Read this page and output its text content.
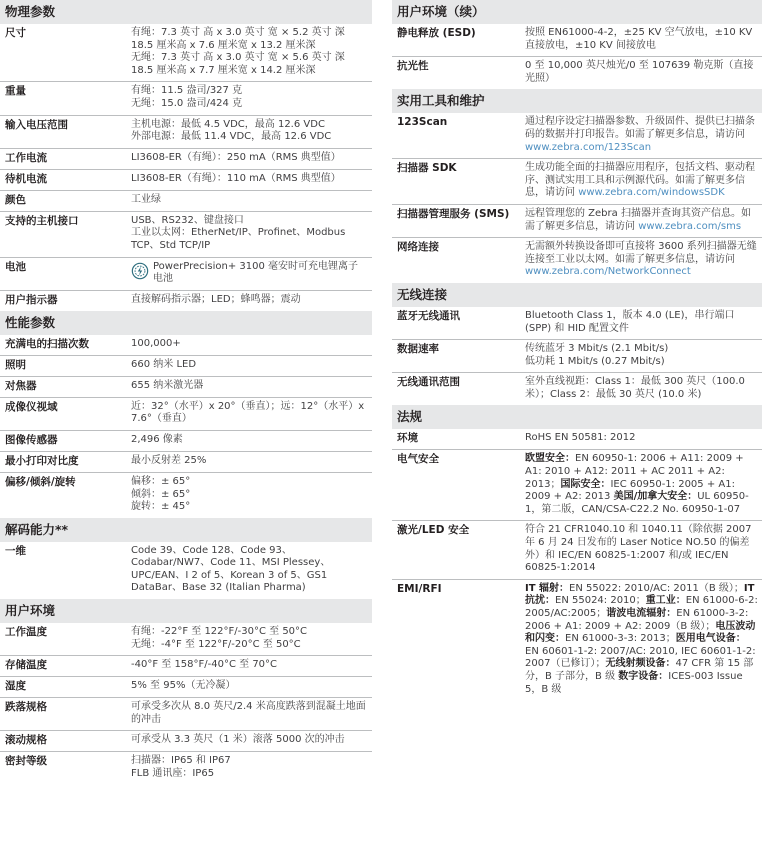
物理参数
尺寸	有绳：7.3 英寸 高 x 3.0 英寸 宽 × 5.2 英寸 深 18.5 厘米高 x 7.6 厘米宽 x 13.2 厘米深
无绳：7.3 英寸 高 x 3.0 英寸 宽 × 5.6 英寸 深 18.5 厘米高 x 7.7 厘米宽 x 14.2 厘米深
重量	有绳：11.5 盎司/327 克
无绳：15.0 盎司/424 克
输入电压范围	主机电源：最低 4.5 VDC，最高 12.6 VDC
外部电源：最低 11.4 VDC，最高 12.6 VDC
工作电流	LI3608-ER（有绳）：250 mA（RMS 典型值）
待机电流	LI3608-ER（有绳）：110 mA（RMS 典型值）
颜色	工业绿
支持的主机接口	USB、RS232、键盘接口
工业以太网：EtherNet/IP、Profinet、Modbus TCP、Std TCP/IP
电池	PowerPrecision+ 3100 毫安时可充电锂离子电池
用户指示器	直接解码指示器；LED；蜂鸣器；震动
性能参数
充满电的扫描次数	100,000+
照明	660 纳米 LED
对焦器	655 纳米激光器
成像仪视域	近：32°（水平）x 20°（垂直）；远：12°（水平）x 7.6°（垂直）
图像传感器	2,496 像素
最小打印对比度	最小反射差 25%
偏移/倾斜/旋转	偏移：± 65°
倾斜：± 65°
旋转：± 45°
解码能力**
一维	Code 39、Code 128、Code 93、Codabar/NW7、Code 11、MSI Plessey、UPC/EAN、I 2 of 5、Korean 3 of 5、GS1 DataBar、Base 32 (Italian Pharma)
用户环境
工作温度	有绳：-22°F 至 122°F/-30°C 至 50°C
无绳：-4°F 至 122°F/-20°C 至 50°C
存储温度	-40°F 至 158°F/-40°C 至 70°C
湿度	5% 至 95%（无冷凝）
跌落规格	可承受多次从 8.0 英尺/2.4 米高度跌落到混凝土地面的冲击
滚动规格	可承受从 3.3 英尺（1 米）滚落 5000 次的冲击
密封等级	扫描器：IP65 和 IP67
FLB 通讯座：IP65
用户环境（续）
静电释放 (ESD)	按照 EN61000-4-2，±25 KV 空气放电，±10 KV 直接放电，±10 KV 间接放电
抗光性	0 至 10,000 英尺烛光/0 至 107639 勒克斯（直接光照）
实用工具和维护
123Scan	通过程序设定扫描器参数、升级固件、提供已扫描条码的数据并打印报告。如需了解更多信息，请访问 www.zebra.com/123Scan
扫描器 SDK	生成功能全面的扫描器应用程序，包括文档、驱动程序、测试实用工具和示例源代码。如需了解更多信息，请访问 www.zebra.com/windowsSDK
扫描器管理服务 (SMS)	远程管理您的 Zebra 扫描器并查询其资产信息。如需了解更多信息，请访问 www.zebra.com/sms
网络连接	无需额外转换设备即可直接将 3600 系列扫描器无缝连接至工业以太网。如需了解更多信息，请访问 www.zebra.com/NetworkConnect
无线连接
蓝牙无线通讯	Bluetooth Class 1，版本 4.0 (LE)，串行端口 (SPP) 和 HID 配置文件
数据速率	传统蓝牙 3 Mbit/s (2.1 Mbit/s)
低功耗 1 Mbit/s (0.27 Mbit/s)
无线通讯范围	室外直线视距：Class 1：最低 300 英尺（100.0 米）；Class 2：最低 30 英尺 (10.0 米)
法规
环境	RoHS EN 50581: 2012
电气安全	欧盟安全：EN 60950-1: 2006 + A11: 2009 + A1: 2010 + A12: 2011 + AC 2011 + A2: 2013；国际安全：IEC 60950-1: 2005 + A1: 2009 + A2: 2013 美国/加拿大安全：UL 60950-1，第二版，CAN/CSA-C22.2 No. 60950-1-07
激光/LED 安全	符合 21 CFR1040.10 和 1040.11（除依据 2007 年 6 月 24 日发布的 Laser Notice NO.50 的偏差外）和 IEC/EN 60825-1:2007 和/或 IEC/EN 60825-1:2014
EMI/RFI	IT 辐射：EN 55022: 2010/AC: 2011（B 级）；IT 抗扰：EN 55024: 2010；重工业：EN 61000-6-2: 2005/AC:2005；谐波电流辐射：EN 61000-3-2: 2006 + A1: 2009 + A2: 2009（B 级）；电压波动和闪变：EN 61000-3-3: 2013；医用电气设备：EN 60601-1-2: 2007/AC: 2010, IEC 60601-1-2: 2007（已修订）；无线射频设备：47 CFR 第 15 部分，B 子部分，B 级 数字设备：ICES-003 Issue 5，B 级
